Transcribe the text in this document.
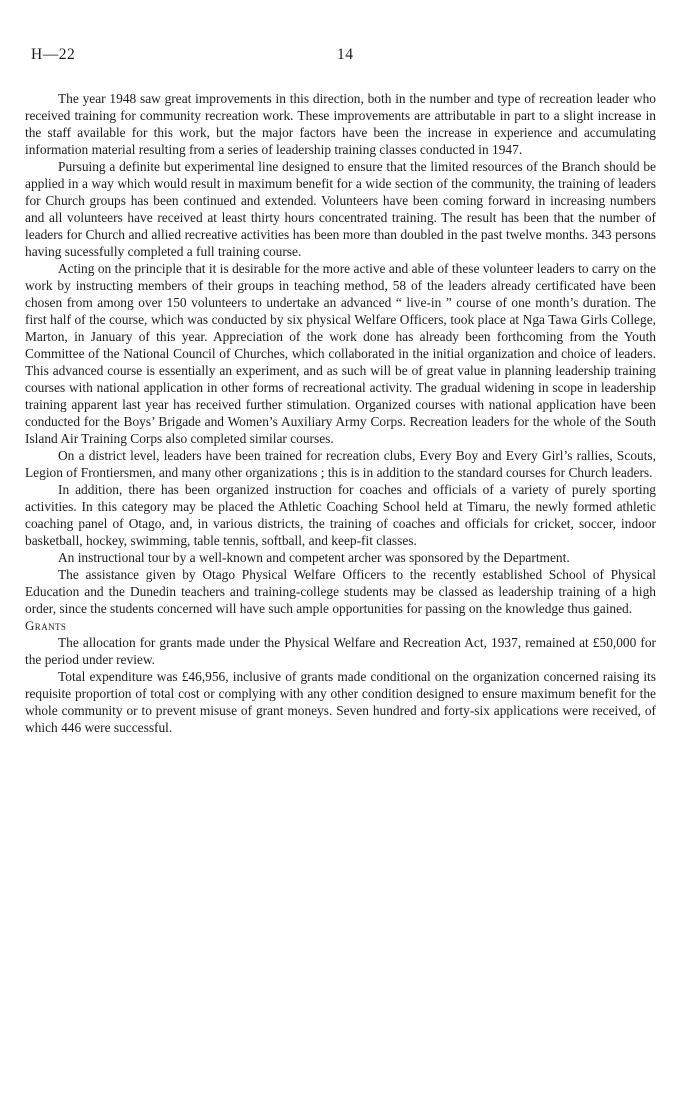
H—22	14

The year 1948 saw great improvements in this direction, both in the number and type of recreation leader who received training for community recreation work. These improvements are attributable in part to a slight increase in the staff available for this work, but the major factors have been the increase in experience and accumulating information material resulting from a series of leadership training classes conducted in 1947.

Pursuing a definite but experimental line designed to ensure that the limited resources of the Branch should be applied in a way which would result in maximum benefit for a wide section of the community, the training of leaders for Church groups has been continued and extended. Volunteers have been coming forward in increasing numbers and all volunteers have received at least thirty hours concentrated training. The result has been that the number of leaders for Church and allied recreative activities has been more than doubled in the past twelve months. 343 persons having sucessfully completed a full training course.

Acting on the principle that it is desirable for the more active and able of these volunteer leaders to carry on the work by instructing members of their groups in teaching method, 58 of the leaders already certificated have been chosen from among over 150 volunteers to undertake an advanced “ live-in ” course of one month’s duration. The first half of the course, which was conducted by six physical Welfare Officers, took place at Nga Tawa Girls College, Marton, in January of this year. Appreciation of the work done has already been forthcoming from the Youth Committee of the National Council of Churches, which collaborated in the initial organization and choice of leaders. This advanced course is essentially an experiment, and as such will be of great value in planning leadership training courses with national application in other forms of recreational activity. The gradual widening in scope in leadership training apparent last year has received further stimulation. Organized courses with national application have been conducted for the Boys’ Brigade and Women’s Auxiliary Army Corps. Recreation leaders for the whole of the South Island Air Training Corps also completed similar courses.

On a district level, leaders have been trained for recreation clubs, Every Boy and Every Girl’s rallies, Scouts, Legion of Frontiersmen, and many other organizations ; this is in addition to the standard courses for Church leaders.

In addition, there has been organized instruction for coaches and officials of a variety of purely sporting activities. In this category may be placed the Athletic Coaching School held at Timaru, the newly formed athletic coaching panel of Otago, and, in various districts, the training of coaches and officials for cricket, soccer, indoor basketball, hockey, swimming, table tennis, softball, and keep-fit classes.

An instructional tour by a well-known and competent archer was sponsored by the Department.

The assistance given by Otago Physical Welfare Officers to the recently established School of Physical Education and the Dunedin teachers and training-college students may be classed as leadership training of a high order, since the students concerned will have such ample opportunities for passing on the knowledge thus gained.

Grants

The allocation for grants made under the Physical Welfare and Recreation Act, 1937, remained at £50,000 for the period under review.

Total expenditure was £46,956, inclusive of grants made conditional on the organization concerned raising its requisite proportion of total cost or complying with any other condition designed to ensure maximum benefit for the whole community or to prevent misuse of grant moneys. Seven hundred and forty-six applications were received, of which 446 were successful.
